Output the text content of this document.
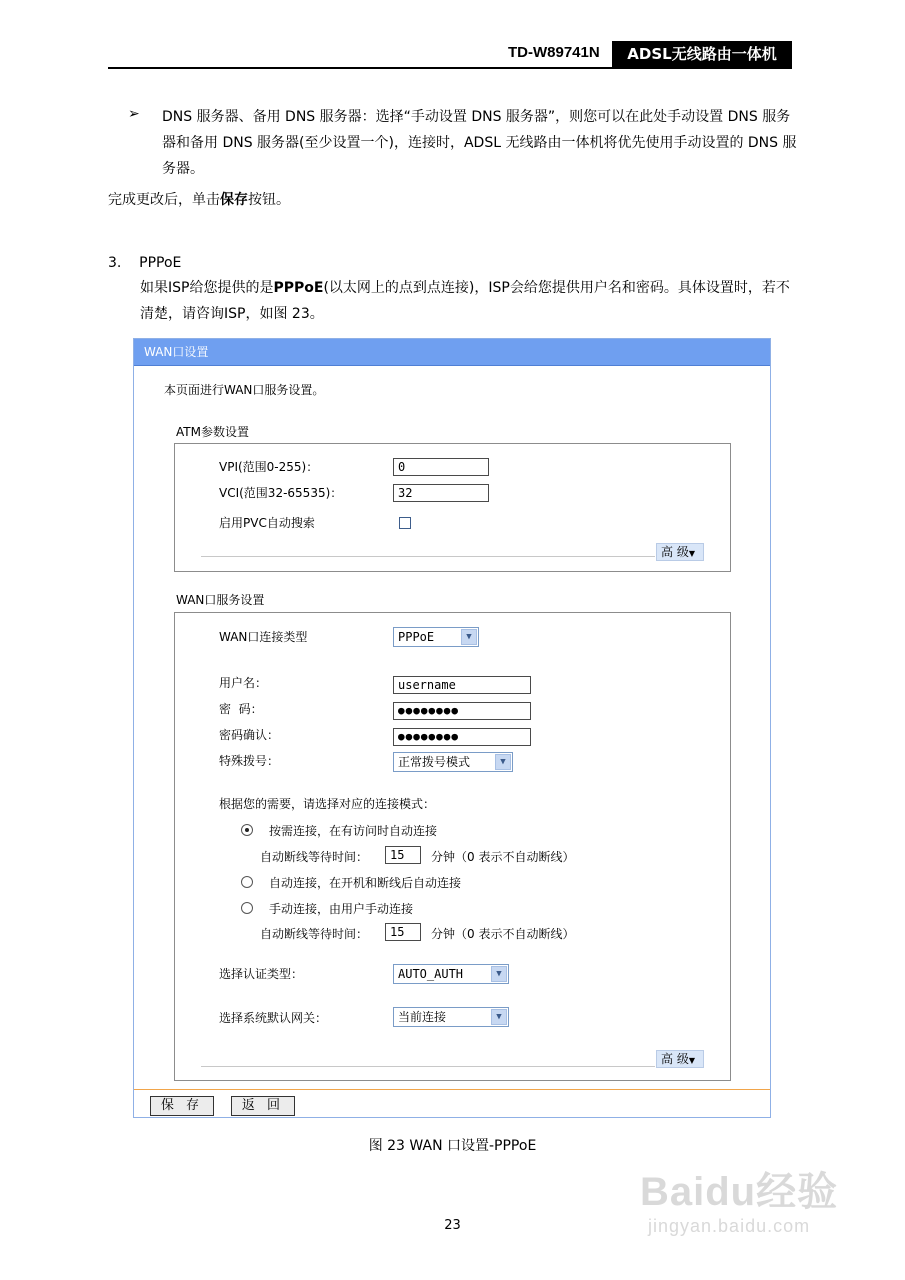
TD-W89741N	ADSL无线路由一体机
➢ DNS 服务器、备用 DNS 服务器：选择“手动设置 DNS 服务器”，则您可以在此处手动设置 DNS 服务器和备用 DNS 服务器(至少设置一个)，连接时，ADSL 无线路由一体机将优先使用手动设置的 DNS 服务器。
完成更改后，单击保存按钮。
3.    PPPoE
如果ISP给您提供的是PPPoE(以太网上的点到点连接)，ISP会给您提供用户名和密码。具体设置时，若不清楚，请咨询ISP，如图 23。
WAN口设置
本页面进行WAN口服务设置。
ATM参数设置
VPI(范围0-255)：	0
VCI(范围32-65535)：	32
启用PVC自动搜索
高 级▼
WAN口服务设置
WAN口连接类型	PPPoE	▼
用户名：	username
密  码：	●●●●●●●●
密码确认：	●●●●●●●●
特殊拨号：	正常拨号模式	▼
根据您的需要，请选择对应的连接模式：
按需连接，在有访问时自动连接
自动断线等待时间：	15	分钟（0 表示不自动断线）
自动连接，在开机和断线后自动连接
手动连接，由用户手动连接
自动断线等待时间：	15	分钟（0 表示不自动断线）
选择认证类型：	AUTO_AUTH	▼
选择系统默认网关：	当前连接	▼
高 级▼
保 存	返 回
图 23 WAN 口设置-PPPoE
Baidu经验
jingyan.baidu.com
23
